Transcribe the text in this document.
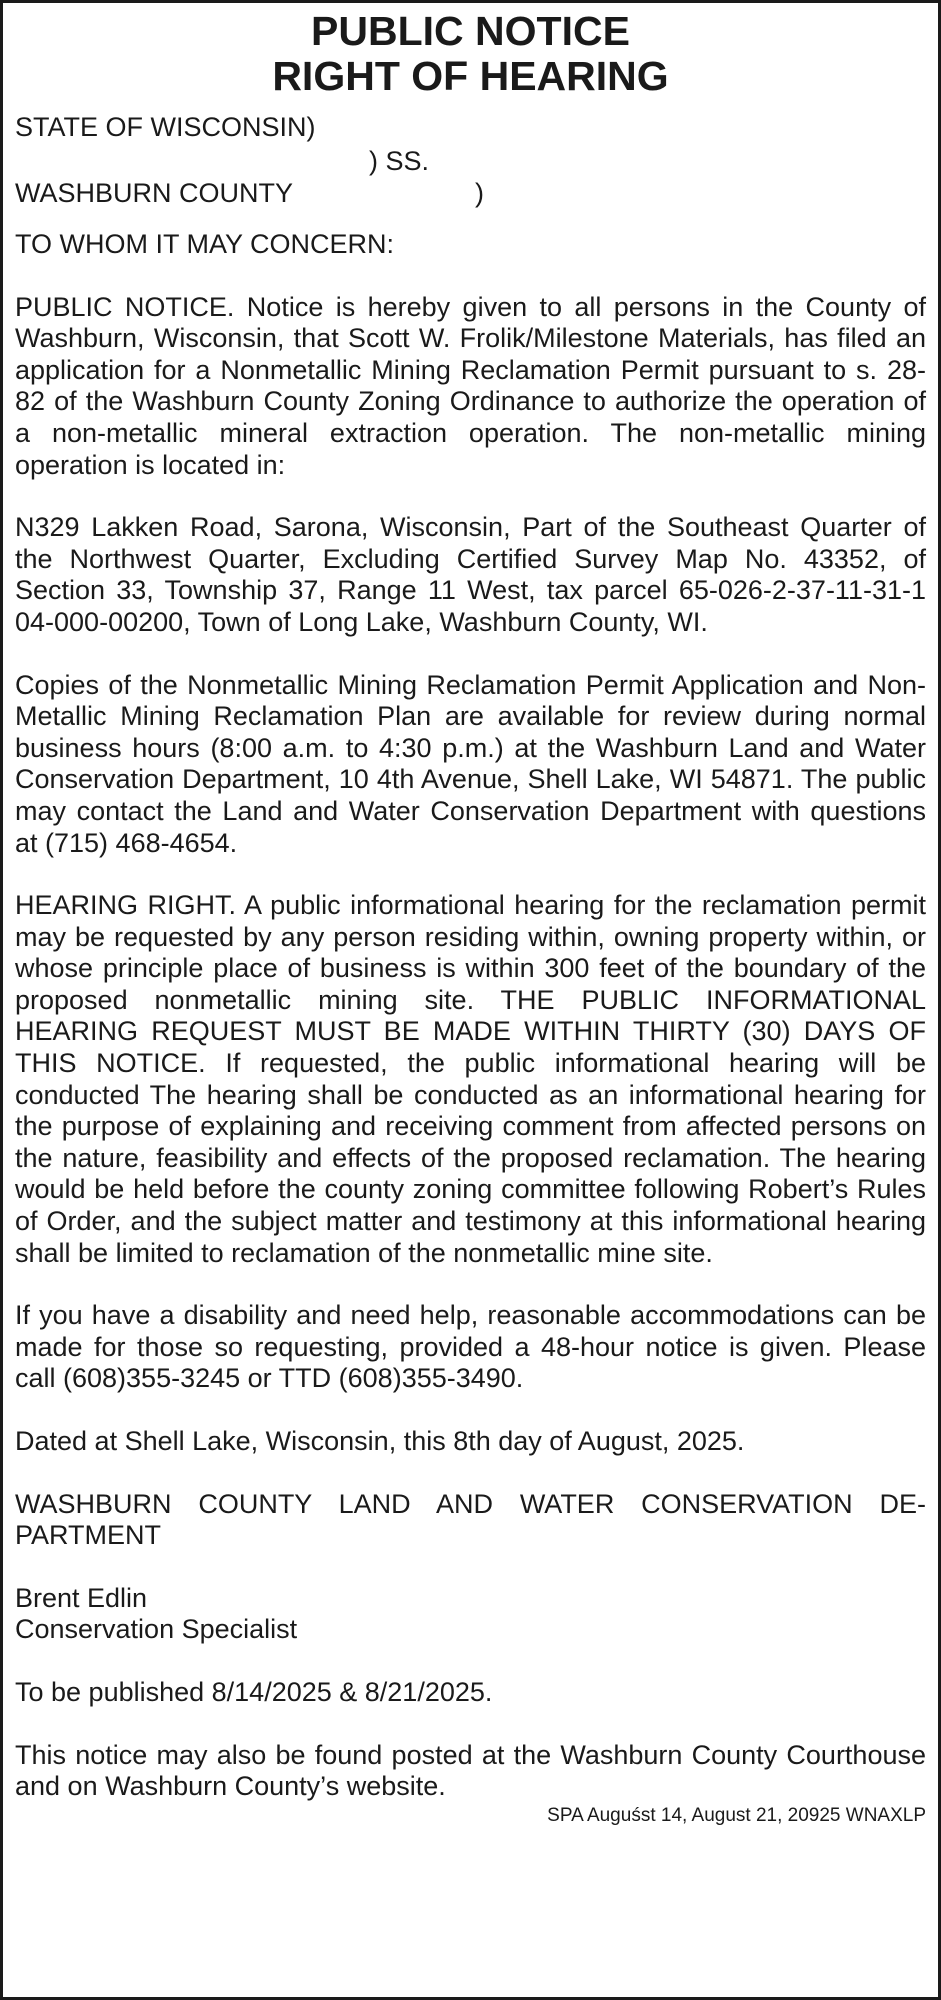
PUBLIC NOTICE
RIGHT OF HEARING
STATE OF WISCONSIN)
) SS.
WASHBURN COUNTY	)

TO WHOM IT MAY CONCERN:

PUBLIC NOTICE. Notice is hereby given to all persons in the County of Washburn, Wisconsin, that Scott W. Frolik/Milestone Materials, has filed an application for a Nonmetallic Mining Reclamation Permit pursuant to s. 28-82 of the Washburn County Zoning Ordinance to authorize the operation of a non-metallic mineral extraction operation. The non-metallic mining operation is located in:

N329 Lakken Road, Sarona, Wisconsin, Part of the Southeast Quarter of the Northwest Quarter, Excluding Certified Survey Map No. 43352, of Section 33, Township 37, Range 11 West, tax parcel 65-026-2-37-11-31-1 04-000-00200, Town of Long Lake, Washburn County, WI.

Copies of the Nonmetallic Mining Reclamation Permit Application and Non-Metallic Mining Reclamation Plan are available for review during normal business hours (8:00 a.m. to 4:30 p.m.) at the Washburn Land and Water Conservation Department, 10 4th Avenue, Shell Lake, WI 54871. The public may contact the Land and Water Conservation Department with questions at (715) 468-4654.

HEARING RIGHT. A public informational hearing for the reclamation permit may be requested by any person residing within, owning property within, or whose principle place of business is within 300 feet of the boundary of the proposed nonmetallic mining site. THE PUBLIC INFORMATIONAL HEARING REQUEST MUST BE MADE WITHIN THIRTY (30) DAYS OF THIS NOTICE. If requested, the public informational hearing will be conducted The hearing shall be conducted as an informational hearing for the purpose of explaining and receiving comment from affected persons on the nature, feasibility and effects of the proposed reclamation. The hearing would be held before the county zoning committee following Robert’s Rules of Order, and the subject matter and testimony at this informational hearing shall be limited to reclamation of the nonmetallic mine site.

If you have a disability and need help, reasonable accommodations can be made for those so requesting, provided a 48-hour notice is given. Please call (608)355-3245 or TTD (608)355-3490.

Dated at Shell Lake, Wisconsin, this 8th day of August, 2025.

WASHBURN COUNTY LAND AND WATER CONSERVATION DEPARTMENT

Brent Edlin

Conservation Specialist

To be published 8/14/2025 & 8/21/2025.

This notice may also be found posted at the Washburn County Courthouse and on Washburn County’s website.

SPA Auguśst 14, August 21, 20925 WNAXLP
